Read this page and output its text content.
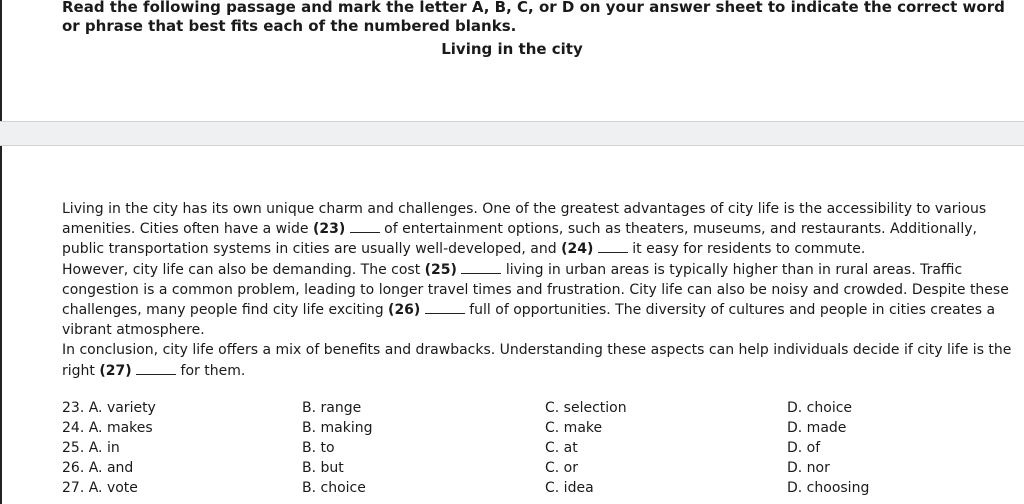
Read the following passage and mark the letter A, B, C, or D on your answer sheet to indicate the correct word or phrase that best fits each of the numbered blanks.
Living in the city

Living in the city has its own unique charm and challenges. One of the greatest advantages of city life is the accessibility to various amenities. Cities often have a wide (23)	of entertainment options, such as theaters, museums, and restaurants. Additionally, public transportation systems in cities are usually well-developed, and (24)	it easy for residents to commute.

However, city life can also be demanding. The cost (25)	living in urban areas is typically higher than in rural areas. Traffic congestion is a common problem, leading to longer travel times and frustration. City life can also be noisy and crowded. Despite these challenges, many people find city life exciting (26)	full of opportunities. The diversity of cultures and people in cities creates a vibrant atmosphere.

In conclusion, city life offers a mix of benefits and drawbacks. Understanding these aspects can help individuals decide if city life is the right (27)	for them.

23. A. variety	B. range	C. selection	D. choice
24. A. makes	B. making	C. make	D. made
25. A. in	B. to	C. at	D. of
26. A. and	B. but	C. or	D. nor
27. A. vote	B. choice	C. idea	D. choosing
